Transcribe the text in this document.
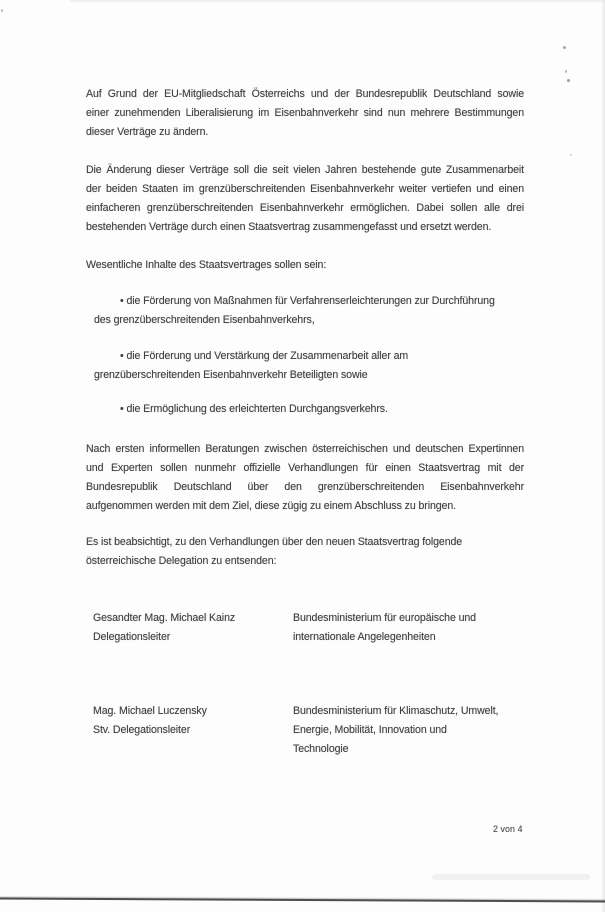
Auf Grund der EU-Mitgliedschaft Österreichs und der Bundesrepublik Deutschland sowie
einer zunehmenden Liberalisierung im Eisenbahnverkehr sind nun mehrere Bestimmungen
dieser Verträge zu ändern.
Die Änderung dieser Verträge soll die seit vielen Jahren bestehende gute Zusammenarbeit
der beiden Staaten im grenzüberschreitenden Eisenbahnverkehr weiter vertiefen und einen
einfacheren grenzüberschreitenden Eisenbahnverkehr ermöglichen. Dabei sollen alle drei
bestehenden Verträge durch einen Staatsvertrag zusammengefasst und ersetzt werden.
Wesentliche Inhalte des Staatsvertrages sollen sein:
• die Förderung von Maßnahmen für Verfahrenserleichterungen zur Durchführung
des grenzüberschreitenden Eisenbahnverkehrs,
• die Förderung und Verstärkung der Zusammenarbeit aller am
grenzüberschreitenden Eisenbahnverkehr Beteiligten sowie
• die Ermöglichung des erleichterten Durchgangsverkehrs.
Nach ersten informellen Beratungen zwischen österreichischen und deutschen Expertinnen
und Experten sollen nunmehr offizielle Verhandlungen für einen Staatsvertrag mit der
Bundesrepublik Deutschland über den grenzüberschreitenden Eisenbahnverkehr
aufgenommen werden mit dem Ziel, diese zügig zu einem Abschluss zu bringen.
Es ist beabsichtigt, zu den Verhandlungen über den neuen Staatsvertrag folgende
österreichische Delegation zu entsenden:
Gesandter Mag. Michael Kainz
Delegationsleiter
Bundesministerium für europäische und
internationale Angelegenheiten
Mag. Michael Luczensky
Stv. Delegationsleiter
Bundesministerium für Klimaschutz, Umwelt,
Energie, Mobilität, Innovation und
Technologie
2 von 4
